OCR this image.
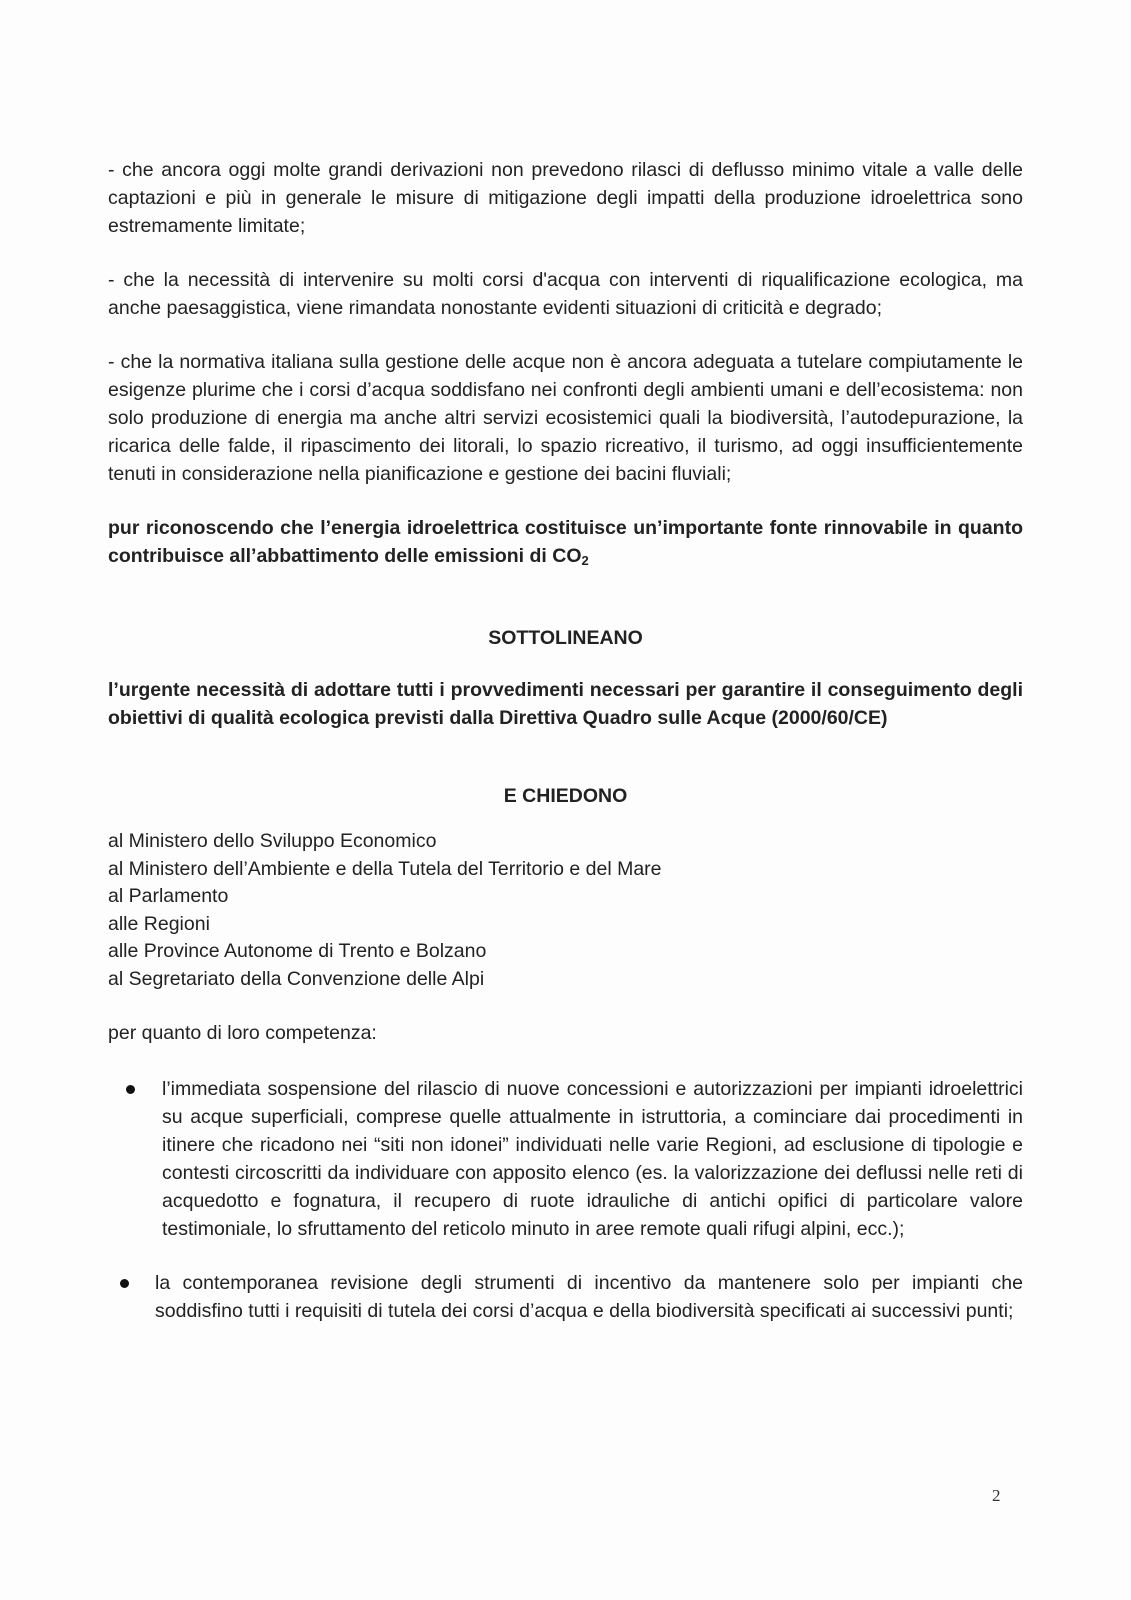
- che ancora oggi molte grandi derivazioni non prevedono rilasci di deflusso minimo vitale a valle delle captazioni e più in generale le misure di mitigazione degli impatti della produzione idroelettrica sono estremamente limitate;

- che la necessità di intervenire su molti corsi d'acqua con interventi di riqualificazione ecologica, ma anche paesaggistica, viene rimandata nonostante evidenti situazioni di criticità e degrado;

- che la normativa italiana sulla gestione delle acque non è ancora adeguata a tutelare compiutamente le esigenze plurime che i corsi d’acqua soddisfano nei confronti degli ambienti umani e dell’ecosistema: non solo produzione di energia ma anche altri servizi ecosistemici quali la biodiversità, l’autodepurazione, la ricarica delle falde, il ripascimento dei litorali, lo spazio ricreativo, il turismo, ad oggi insufficientemente tenuti in considerazione nella pianificazione e gestione dei bacini fluviali;

pur riconoscendo che l’energia idroelettrica costituisce un’importante fonte rinnovabile in quanto contribuisce all’abbattimento delle emissioni di $CO_2$

SOTTOLINEANO

l’urgente necessità di adottare tutti i provvedimenti necessari per garantire il conseguimento degli obiettivi di qualità ecologica previsti dalla Direttiva Quadro sulle Acque (2000/60/CE)

E CHIEDONO

al Ministero dello Sviluppo Economico
al Ministero dell’Ambiente e della Tutela del Territorio e del Mare
al Parlamento
alle Regioni
alle Province Autonome di Trento e Bolzano
al Segretariato della Convenzione delle Alpi

per quanto di loro competenza:

l’immediata sospensione del rilascio di nuove concessioni e autorizzazioni per impianti idroelettrici su acque superficiali, comprese quelle attualmente in istruttoria, a cominciare dai procedimenti in itinere che ricadono nei “siti non idonei” individuati nelle varie Regioni, ad esclusione di tipologie e contesti circoscritti da individuare con apposito elenco (es. la valorizzazione dei deflussi nelle reti di acquedotto e fognatura, il recupero di ruote idrauliche di antichi opifici di particolare valore testimoniale, lo sfruttamento del reticolo minuto in aree remote quali rifugi alpini, ecc.);
la contemporanea revisione degli strumenti di incentivo da mantenere solo per impianti che soddisfino tutti i requisiti di tutela dei corsi d’acqua e della biodiversità specificati ai successivi punti;
2
